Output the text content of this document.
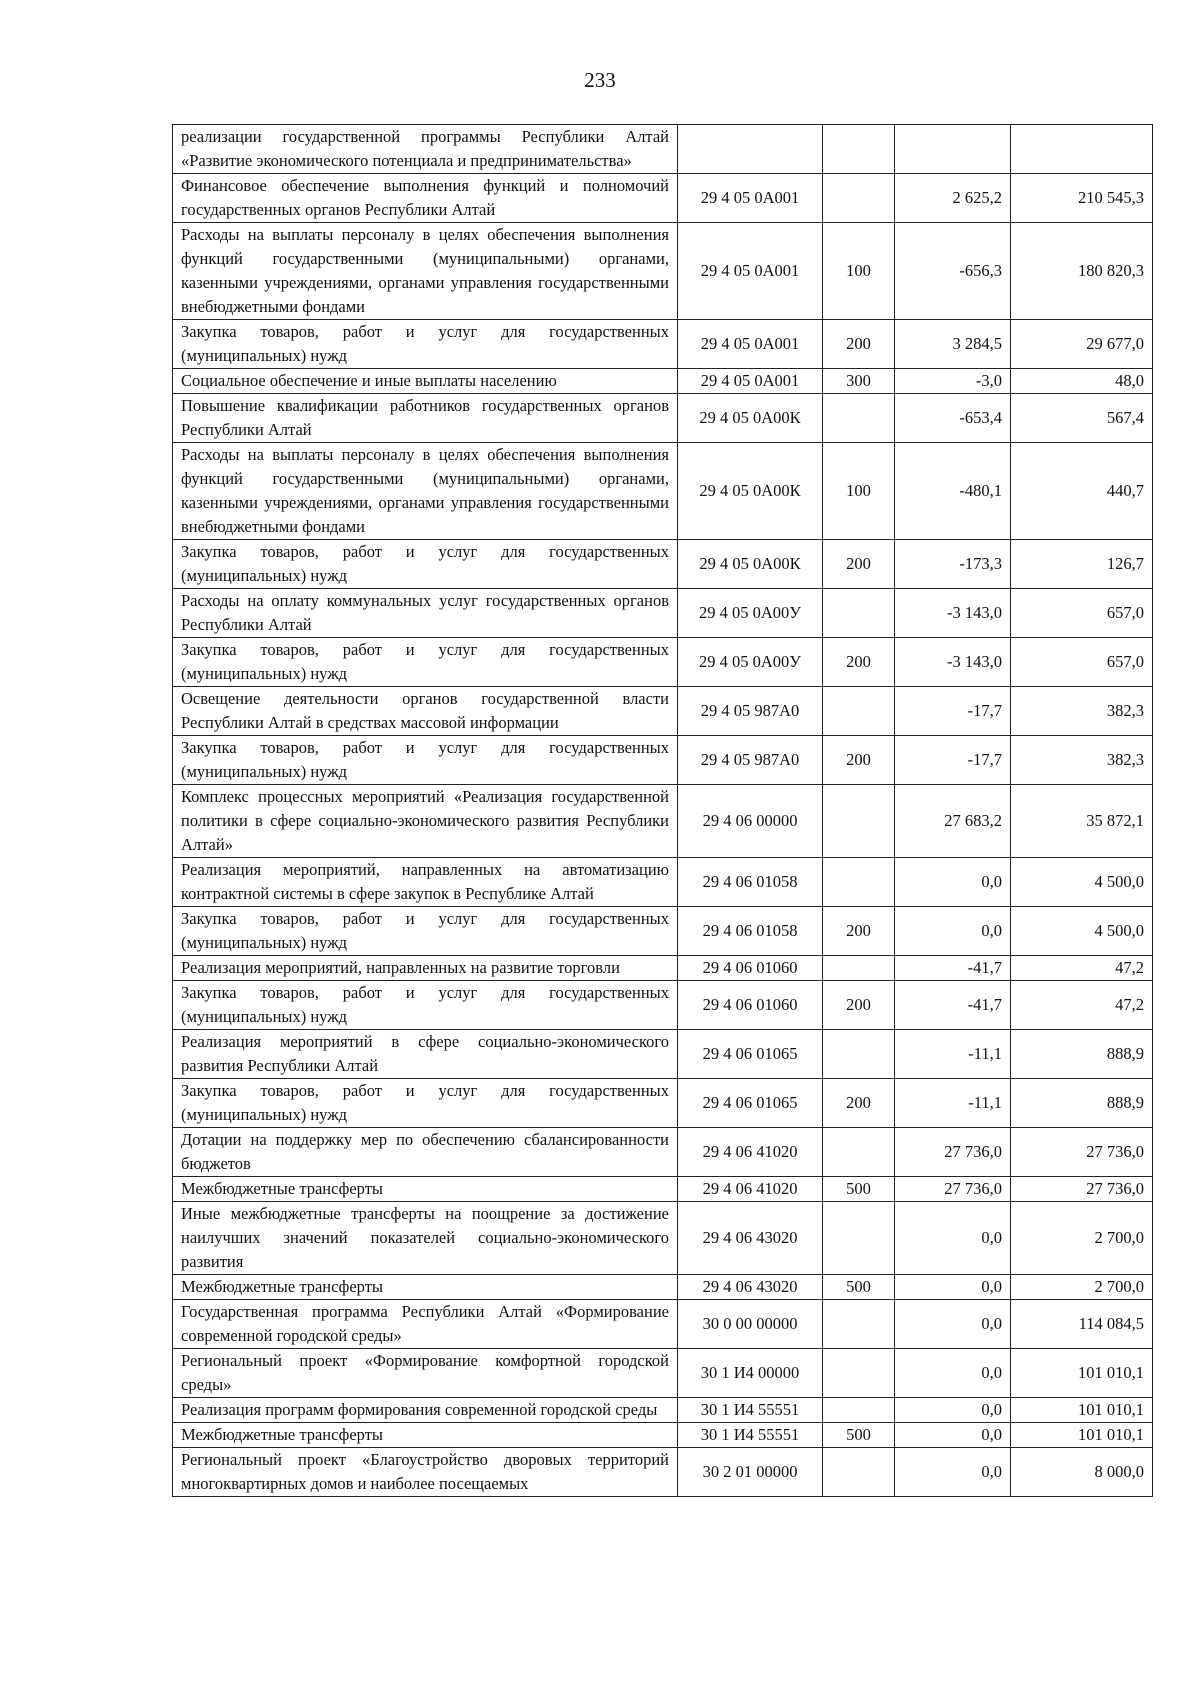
233
реализации государственной программы Республики Алтай «Развитие экономического потенциала и предпринимательства»				
Финансовое обеспечение выполнения функций и полномочий государственных органов Республики Алтай	29 4 05 0А001		2 625,2	210 545,3
Расходы на выплаты персоналу в целях обеспечения выполнения функций государственными (муниципальными) органами, казенными учреждениями, органами управления государственными внебюджетными фондами	29 4 05 0А001	100	-656,3	180 820,3
Закупка товаров, работ и услуг для государственных (муниципальных) нужд	29 4 05 0А001	200	3 284,5	29 677,0
Социальное обеспечение и иные выплаты населению	29 4 05 0А001	300	-3,0	48,0
Повышение квалификации работников государственных органов Республики Алтай	29 4 05 0А00К		-653,4	567,4
Расходы на выплаты персоналу в целях обеспечения выполнения функций государственными (муниципальными) органами, казенными учреждениями, органами управления государственными внебюджетными фондами	29 4 05 0А00К	100	-480,1	440,7
Закупка товаров, работ и услуг для государственных (муниципальных) нужд	29 4 05 0А00К	200	-173,3	126,7
Расходы на оплату коммунальных услуг государственных органов Республики Алтай	29 4 05 0А00У		-3 143,0	657,0
Закупка товаров, работ и услуг для государственных (муниципальных) нужд	29 4 05 0А00У	200	-3 143,0	657,0
Освещение деятельности органов государственной власти Республики Алтай в средствах массовой информации	29 4 05 987А0		-17,7	382,3
Закупка товаров, работ и услуг для государственных (муниципальных) нужд	29 4 05 987А0	200	-17,7	382,3
Комплекс процессных мероприятий «Реализация государственной политики в сфере социально-экономического развития Республики Алтай»	29 4 06 00000		27 683,2	35 872,1
Реализация мероприятий, направленных на автоматизацию контрактной системы в сфере закупок в Республике Алтай	29 4 06 01058		0,0	4 500,0
Закупка товаров, работ и услуг для государственных (муниципальных) нужд	29 4 06 01058	200	0,0	4 500,0
Реализация мероприятий, направленных на развитие торговли	29 4 06 01060		-41,7	47,2
Закупка товаров, работ и услуг для государственных (муниципальных) нужд	29 4 06 01060	200	-41,7	47,2
Реализация мероприятий в сфере социально-экономического развития Республики Алтай	29 4 06 01065		-11,1	888,9
Закупка товаров, работ и услуг для государственных (муниципальных) нужд	29 4 06 01065	200	-11,1	888,9
Дотации на поддержку мер по обеспечению сбалансированности бюджетов	29 4 06 41020		27 736,0	27 736,0
Межбюджетные трансферты	29 4 06 41020	500	27 736,0	27 736,0
Иные межбюджетные трансферты на поощрение за достижение наилучших значений показателей социально-экономического развития	29 4 06 43020		0,0	2 700,0
Межбюджетные трансферты	29 4 06 43020	500	0,0	2 700,0
Государственная программа Республики Алтай «Формирование современной городской среды»	30 0 00 00000		0,0	114 084,5
Региональный проект «Формирование комфортной городской среды»	30 1 И4 00000		0,0	101 010,1
Реализация программ формирования современной городской среды	30 1 И4 55551		0,0	101 010,1
Межбюджетные трансферты	30 1 И4 55551	500	0,0	101 010,1
Региональный проект «Благоустройство дворовых территорий многоквартирных домов и наиболее посещаемых	30 2 01 00000		0,0	8 000,0
